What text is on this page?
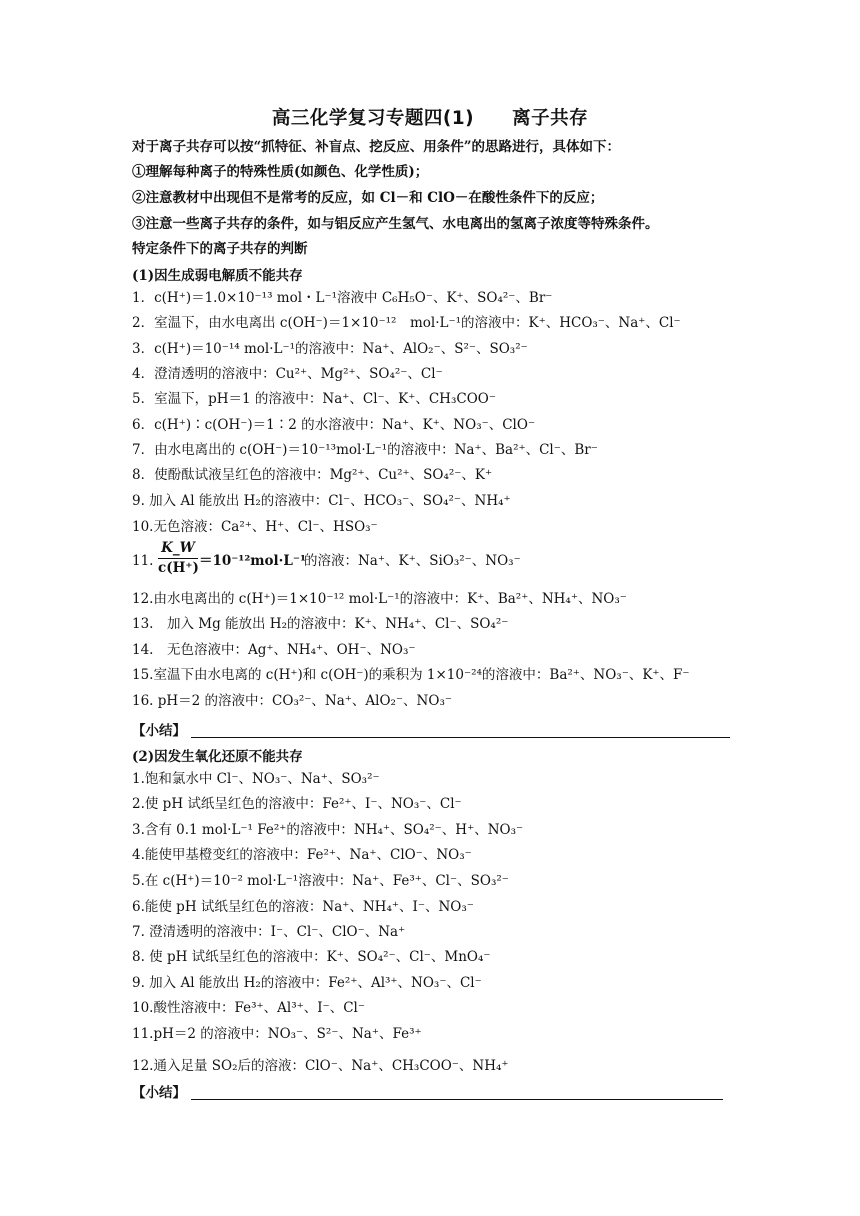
高三化学复习专题四(1)　　离子共存
对于离子共存可以按“抓特征、补盲点、挖反应、用条件”的思路进行，具体如下：
①理解每种离子的特殊性质(如颜色、化学性质)；
②注意教材中出现但不是常考的反应，如 Cl－和 ClO－在酸性条件下的反应；
③注意一些离子共存的条件，如与铝反应产生氢气、水电离出的氢离子浓度等特殊条件。
特定条件下的离子共存的判断
(1)因生成弱电解质不能共存
1．c(H⁺)＝1.0×10⁻¹³ mol・L⁻¹溶液中 C₆H₅O⁻、K⁺、SO₄²⁻、Br⁻
2．室温下，由水电离出 c(OH⁻)＝1×10⁻¹²　mol·L⁻¹的溶液中：K⁺、HCO₃⁻、Na⁺、Cl⁻
3．c(H⁺)＝10⁻¹⁴ mol·L⁻¹的溶液中：Na⁺、AlO₂⁻、S²⁻、SO₃²⁻
4．澄清透明的溶液中：Cu²⁺、Mg²⁺、SO₄²⁻、Cl⁻
5．室温下，pH＝1 的溶液中：Na⁺、Cl⁻、K⁺、CH₃COO⁻
6．c(H⁺)∶c(OH⁻)＝1∶2 的水溶液中：Na⁺、K⁺、NO₃⁻、ClO⁻
7．由水电离出的 c(OH⁻)＝10⁻¹³mol·L⁻¹的溶液中：Na⁺、Ba²⁺、Cl⁻、Br⁻
8．使酚酞试液呈红色的溶液中：Mg²⁺、Cu²⁺、SO₄²⁻、K⁺
9. 加入 Al 能放出 H₂的溶液中：Cl⁻、HCO₃⁻、SO₄²⁻、NH₄⁺
10.无色溶液：Ca²⁺、H⁺、Cl⁻、HSO₃⁻
11.
K_W
c(H⁺) ＝10⁻¹²mol·L⁻¹
的溶液：Na⁺、K⁺、SiO₃²⁻、NO₃⁻
12.由水电离出的 c(H⁺)＝1×10⁻¹² mol·L⁻¹的溶液中：K⁺、Ba²⁺、NH₄⁺、NO₃⁻
13.　加入 Mg 能放出 H₂的溶液中：K⁺、NH₄⁺、Cl⁻、SO₄²⁻
14.　无色溶液中：Ag⁺、NH₄⁺、OH⁻、NO₃⁻
15.室温下由水电离的 c(H⁺)和 c(OH⁻)的乘积为 1×10⁻²⁴的溶液中：Ba²⁺、NO₃⁻、K⁺、F⁻
16. pH＝2 的溶液中：CO₃²⁻、Na⁺、AlO₂⁻、NO₃⁻
【小结】
(2)因发生氧化还原不能共存
1.饱和氯水中 Cl⁻、NO₃⁻、Na⁺、SO₃²⁻
2.使 pH 试纸呈红色的溶液中：Fe²⁺、I⁻、NO₃⁻、Cl⁻
3.含有 0.1 mol·L⁻¹ Fe²⁺的溶液中：NH₄⁺、SO₄²⁻、H⁺、NO₃⁻
4.能使甲基橙变红的溶液中：Fe²⁺、Na⁺、ClO⁻、NO₃⁻
5.在 c(H⁺)＝10⁻² mol·L⁻¹溶液中：Na⁺、Fe³⁺、Cl⁻、SO₃²⁻
6.能使 pH 试纸呈红色的溶液：Na⁺、NH₄⁺、I⁻、NO₃⁻
7. 澄清透明的溶液中：I⁻、Cl⁻、ClO⁻、Na⁺
8. 使 pH 试纸呈红色的溶液中：K⁺、SO₄²⁻、Cl⁻、MnO₄⁻
9. 加入 Al 能放出 H₂的溶液中：Fe²⁺、Al³⁺、NO₃⁻、Cl⁻
10.酸性溶液中：Fe³⁺、Al³⁺、I⁻、Cl⁻
11.pH＝2 的溶液中：NO₃⁻、S²⁻、Na⁺、Fe³⁺
12.通入足量 SO₂后的溶液：ClO⁻、Na⁺、CH₃COO⁻、NH₄⁺
【小结】
